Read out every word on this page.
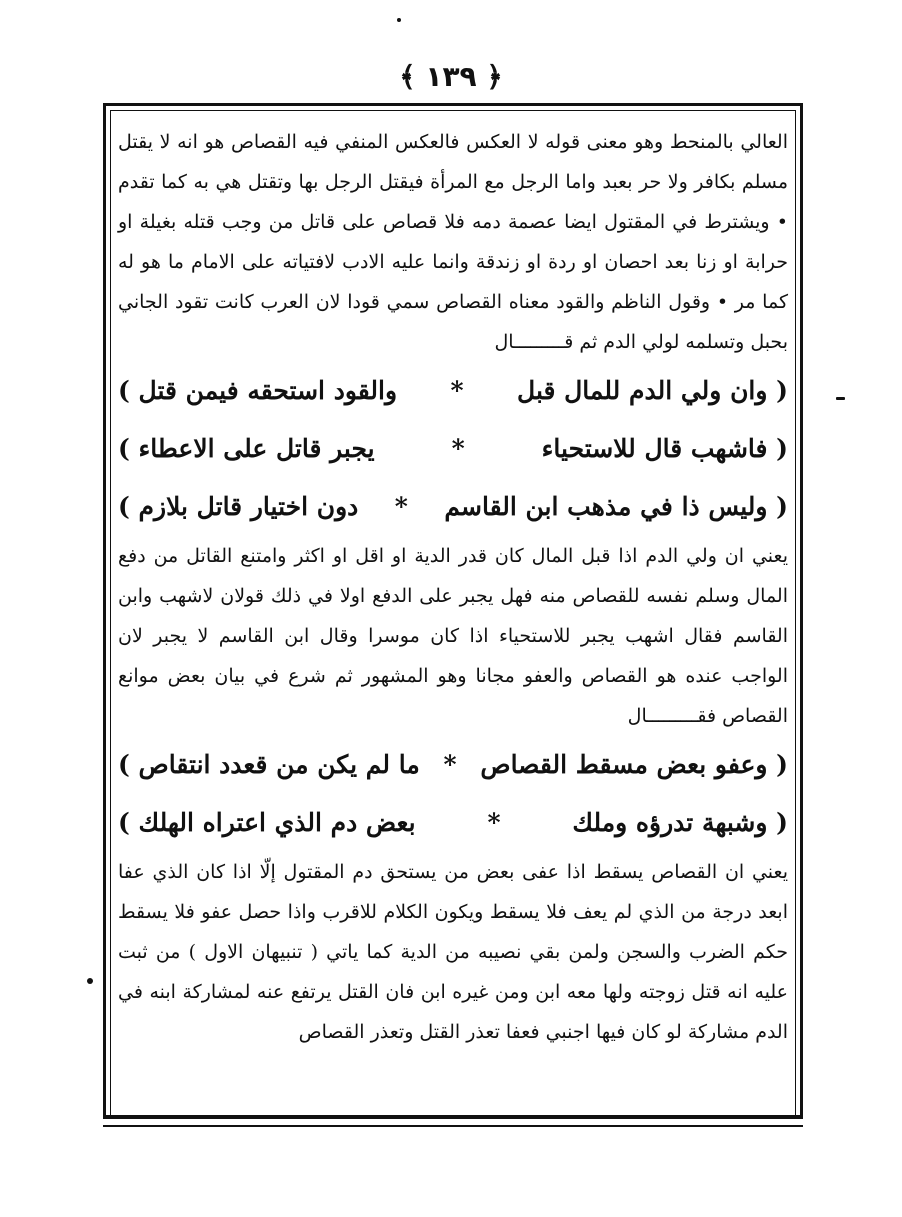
﴿ ١٣٩ ﴾

العالي بالمنحط وهو معنى قوله لا العكس فالعكس المنفي فيه القصاص هو انه لا يقتل مسلم بكافر ولا حر بعبد واما الرجل مع المرأة فيقتل الرجل بها وتقتل هي به كما تقدم • ويشترط في المقتول ايضا عصمة دمه فلا قصاص على قاتل من وجب قتله بغيلة او حرابة او زنا بعد احصان او ردة او زندقة وانما عليه الادب لافتياته على الامام ما هو له كما مر • وقول الناظم والقود معناه القصاص سمي قودا لان العرب كانت تقود الجاني بحبل وتسلمه لولي الدم ثم قـــــــــال

( وان ولي الدم للمال قبل
*
والقود استحقه فيمن قتل )

( فاشهب قال للاستحياء
*
يجبر قاتل على الاعطاء )

( وليس ذا في مذهب ابن القاسم
*
دون اختيار قاتل بلازم )

يعني ان ولي الدم اذا قبل المال كان قدر الدية او اقل او اكثر وامتنع القاتل من دفع المال وسلم نفسه للقصاص منه فهل يجبر على الدفع اولا في ذلك قولان لاشهب وابن القاسم فقال اشهب يجبر للاستحياء اذا كان موسرا وقال ابن القاسم لا يجبر لان الواجب عنده هو القصاص والعفو مجانا وهو المشهور ثم شرع في بيان بعض موانع القصاص فقـــــــــال

( وعفو بعض مسقط القصاص
*
ما لم يكن من قعدد انتقاص )

( وشبهة تدرؤه وملك
*
بعض دم الذي اعتراه الهلك )

يعني ان القصاص يسقط اذا عفى بعض من يستحق دم المقتول إلّا اذا كان الذي عفا ابعد درجة من الذي لم يعف فلا يسقط ويكون الكلام للاقرب واذا حصل عفو فلا يسقط حكم الضرب والسجن ولمن بقي نصيبه من الدية كما ياتي ( تنبيهان الاول ) من ثبت عليه انه قتل زوجته ولها معه ابن ومن غيره ابن فان القتل يرتفع عنه لمشاركة ابنه في الدم مشاركة لو كان فيها اجنبي فعفا تعذر القتل وتعذر القصاص
